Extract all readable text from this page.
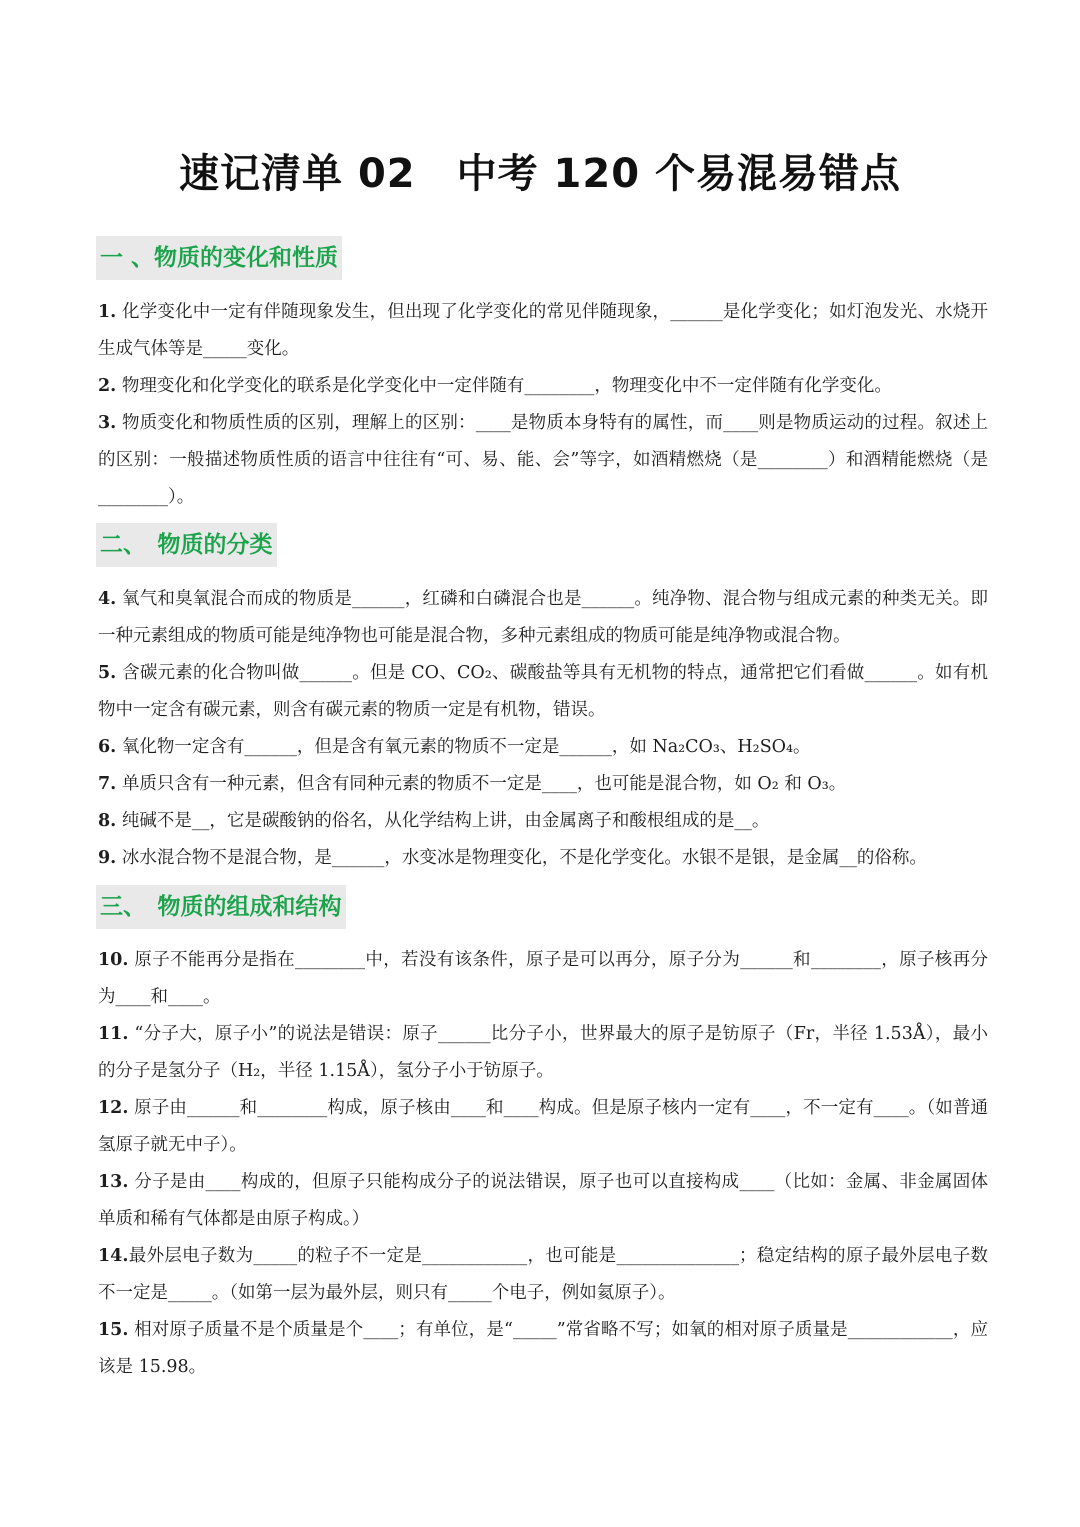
速记清单 02　中考 120 个易混易错点
一 、物质的变化和性质
1. 化学变化中一定有伴随现象发生，但出现了化学变化的常见伴随现象，______是化学变化；如灯泡发光、水烧开生成气体等是_____变化。
2. 物理变化和化学变化的联系是化学变化中一定伴随有________，物理变化中不一定伴随有化学变化。
3. 物质变化和物质性质的区别，理解上的区别：____是物质本身特有的属性，而____则是物质运动的过程。叙述上的区别：一般描述物质性质的语言中往往有“可、易、能、会”等字，如酒精燃烧（是________）和酒精能燃烧（是________）。
二、　物质的分类
4. 氧气和臭氧混合而成的物质是______，红磷和白磷混合也是______。纯净物、混合物与组成元素的种类无关。即一种元素组成的物质可能是纯净物也可能是混合物，多种元素组成的物质可能是纯净物或混合物。
5. 含碳元素的化合物叫做______。但是 CO、CO₂、碳酸盐等具有无机物的特点，通常把它们看做______。如有机物中一定含有碳元素，则含有碳元素的物质一定是有机物，错误。
6. 氧化物一定含有______，但是含有氧元素的物质不一定是______，如 Na₂CO₃、H₂SO₄。
7. 单质只含有一种元素，但含有同种元素的物质不一定是____，也可能是混合物，如 O₂ 和 O₃。
8. 纯碱不是__，它是碳酸钠的俗名，从化学结构上讲，由金属离子和酸根组成的是__。
9. 冰水混合物不是混合物，是______，水变冰是物理变化，不是化学变化。水银不是银，是金属__的俗称。
三、　物质的组成和结构
10. 原子不能再分是指在________中，若没有该条件，原子是可以再分，原子分为______和________，原子核再分为____和____。
11. “分子大，原子小”的说法是错误：原子______比分子小，世界最大的原子是钫原子（Fr，半径 1.53Å），最小的分子是氢分子（H₂，半径 1.15Å），氢分子小于钫原子。
12. 原子由______和________构成，原子核由____和____构成。但是原子核内一定有____，不一定有____。（如普通氢原子就无中子）。
13. 分子是由____构成的，但原子只能构成分子的说法错误，原子也可以直接构成____（比如：金属、非金属固体单质和稀有气体都是由原子构成。）
14.最外层电子数为_____的粒子不一定是____________，也可能是______________；稳定结构的原子最外层电子数不一定是_____。（如第一层为最外层，则只有_____个电子，例如氦原子）。
15. 相对原子质量不是个质量是个____；有单位，是“_____”常省略不写；如氧的相对原子质量是____________，应该是 15.98。
